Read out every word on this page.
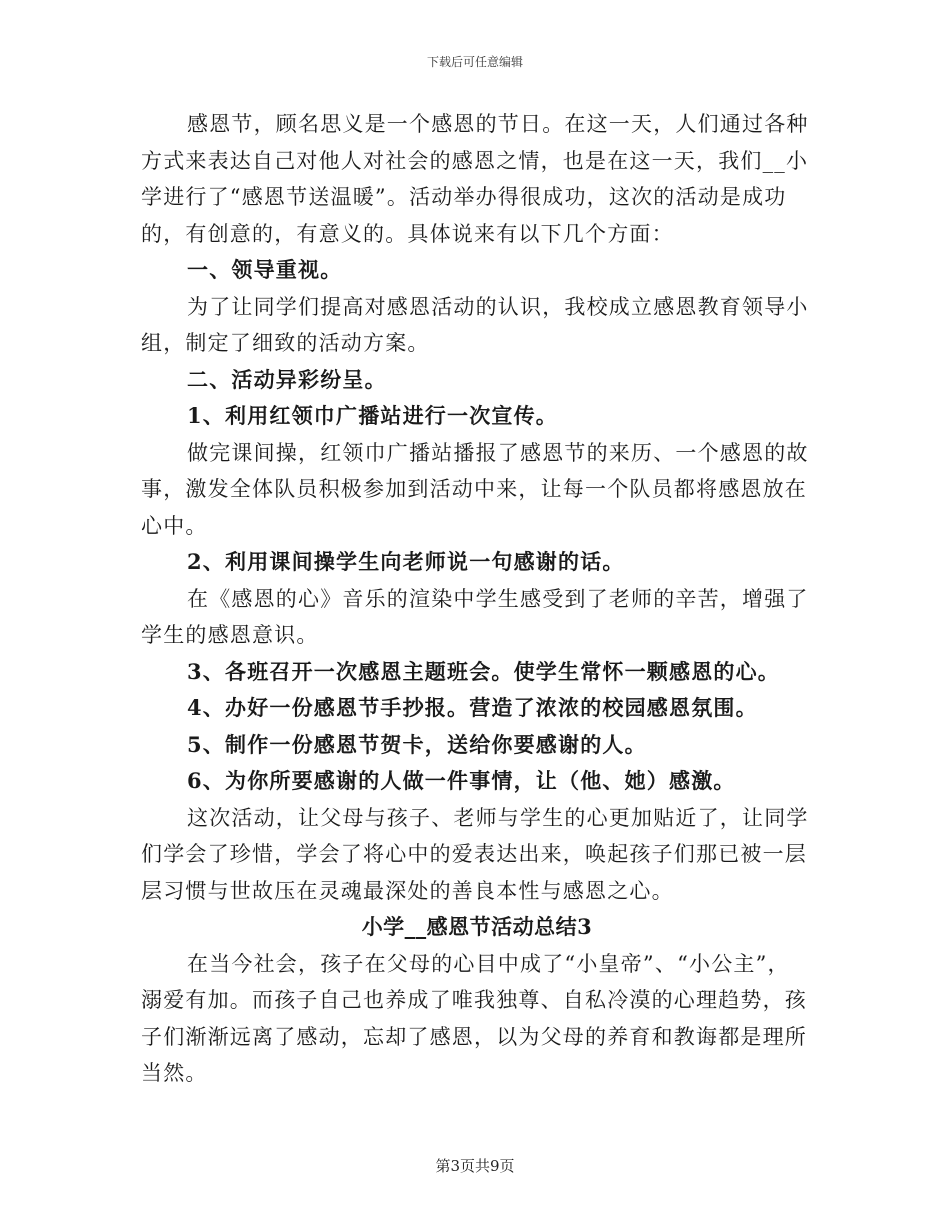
下载后可任意编辑
感恩节，顾名思义是一个感恩的节日。在这一天，人们通过各种
方式来表达自己对他人对社会的感恩之情，也是在这一天，我们__小
学进行了“感恩节送温暖”。活动举办得很成功，这次的活动是成功
的，有创意的，有意义的。具体说来有以下几个方面：
一、领导重视。
为了让同学们提高对感恩活动的认识，我校成立感恩教育领导小
组，制定了细致的活动方案。
二、活动异彩纷呈。
1、利用红领巾广播站进行一次宣传。
做完课间操，红领巾广播站播报了感恩节的来历、一个感恩的故
事，激发全体队员积极参加到活动中来，让每一个队员都将感恩放在
心中。
2、利用课间操学生向老师说一句感谢的话。
在《感恩的心》音乐的渲染中学生感受到了老师的辛苦，增强了
学生的感恩意识。
3、各班召开一次感恩主题班会。使学生常怀一颗感恩的心。
4、办好一份感恩节手抄报。营造了浓浓的校园感恩氛围。
5、制作一份感恩节贺卡，送给你要感谢的人。
6、为你所要感谢的人做一件事情，让（他、她）感激。
这次活动，让父母与孩子、老师与学生的心更加贴近了，让同学
们学会了珍惜，学会了将心中的爱表达出来，唤起孩子们那已被一层
层习惯与世故压在灵魂最深处的善良本性与感恩之心。
小学__感恩节活动总结3
在当今社会，孩子在父母的心目中成了“小皇帝”、“小公主”，
溺爱有加。而孩子自己也养成了唯我独尊、自私冷漠的心理趋势，孩
子们渐渐远离了感动，忘却了感恩，以为父母的养育和教诲都是理所
当然。
第3页共9页
